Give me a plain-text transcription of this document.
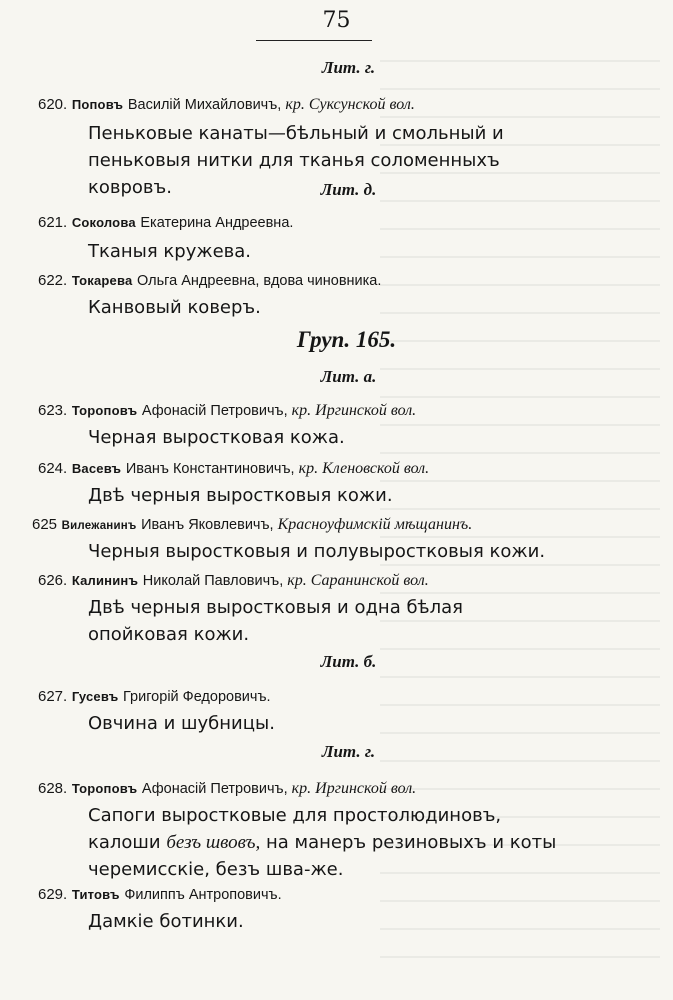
75
Лит. г.
620. Поповъ Василій Михайловичъ, кр. Суксунской вол.
Пеньковые канаты—бѣльный и смольный и пеньковыя нитки для тканья соломенныхъ ковровъ.	Лит. д.
621. Соколова Екатерина Андреевна.
Тканыя кружева.
622. Токарева Ольга Андреевна, вдова чиновника.
Канвовый коверъ.
Груп. 165.
Лит. а.
623. Тороповъ Афонасій Петровичъ, кр. Иргинской вол.
Черная выростковая кожа.
624. Васевъ Иванъ Константиновичъ, кр. Кленовской вол.
Двѣ черныя выростковыя кожи.
625 Вилежанинъ Иванъ Яковлевичъ, Красноуфимскій мѣщанинъ.
Черныя выростковыя и полувыростковыя кожи.
626. Калининъ Николай Павловичъ, кр. Саранинской вол.
Двѣ черныя выростковыя и одна бѣлая опойковая кожи.
Лит. б.
627. Гусевъ Григорій Федоровичъ.
Овчина и шубницы.
Лит. г.
628. Тороповъ Афонасій Петровичъ, кр. Иргинской вол.
Сапоги выростковые для простолюдиновъ, калоши безъ швовъ, на манеръ резиновыхъ и коты черемисскіе, безъ шва-же.
629. Титовъ Филиппъ Антроповичъ.
Дамкіе ботинки.
